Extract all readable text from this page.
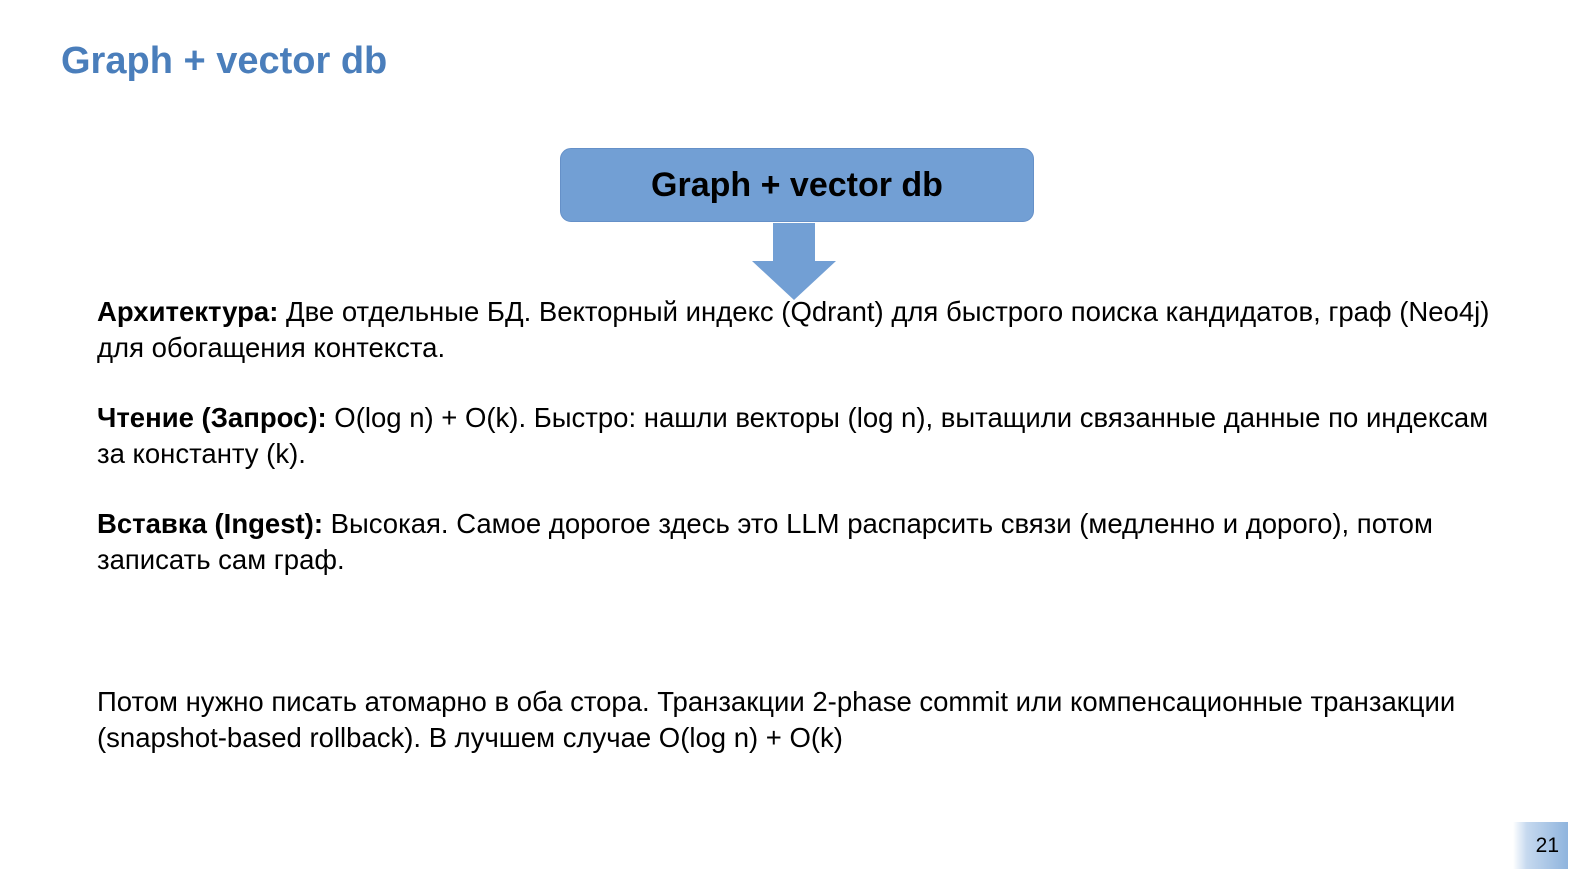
Graph + vector db
Graph + vector db

Архитектура: Две отдельные БД. Векторный индекс (Qdrant) для быстрого поиска кандидатов, граф (Neo4j) для обогащения контекста.

Чтение (Запрос): O(log n) + O(k). Быстро: нашли векторы (log n), вытащили связанные данные по индексам за константу (k).

Вставка (Ingest): Высокая. Самое дорогое здесь это LLM распарсить связи (медленно и дорого), потом записать сам граф.

Потом нужно писать атомарно в оба стора. Транзакции 2-phase commit или компенсационные транзакции (snapshot-based rollback). В лучшем случае O(log n) + O(k)

21
